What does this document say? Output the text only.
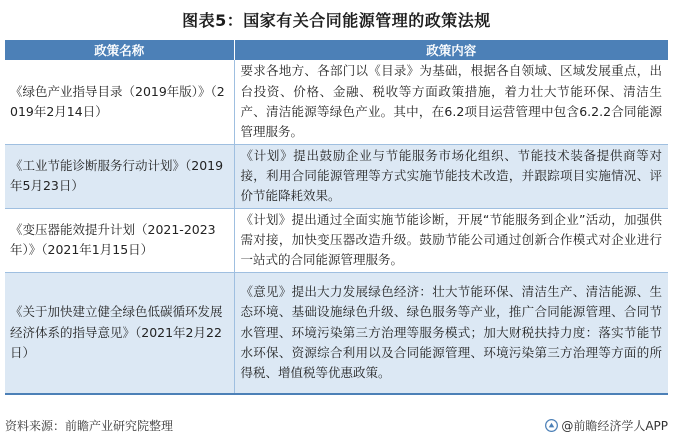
图表5：国家有关合同能源管理的政策法规
政策名称	政策内容
《绿色产业指导目录（2019年版）》（2019年2月14日）	要求各地方、各部门以《目录》为基础，根据各自领域、区域发展重点，出台投资、价格、金融、税收等方面政策措施，着力壮大节能环保、清洁生产、清洁能源等绿色产业。其中，在6.2项目运营管理中包含6.2.2合同能源管理服务。
《工业节能诊断服务行动计划》（2019年5月23日）	《计划》提出鼓励企业与节能服务市场化组织、节能技术装备提供商等对接，利用合同能源管理等方式实施节能技术改造，并跟踪项目实施情况、评价节能降耗效果。
《变压器能效提升计划（2021-2023年）》（2021年1月15日）	《计划》提出通过全面实施节能诊断，开展“节能服务到企业”活动，加强供需对接，加快变压器改造升级。鼓励节能公司通过创新合作模式对企业进行一站式的合同能源管理服务。
《关于加快建立健全绿色低碳循环发展经济体系的指导意见》（2021年2月22日）	《意见》提出大力发展绿色经济：壮大节能环保、清洁生产、清洁能源、生态环境、基础设施绿色升级、绿色服务等产业，推广合同能源管理、合同节水管理、环境污染第三方治理等服务模式；加大财税扶持力度：落实节能节水环保、资源综合利用以及合同能源管理、环境污染第三方治理等方面的所得税、增值税等优惠政策。
资料来源：前瞻产业研究院整理	@前瞻经济学人APP
